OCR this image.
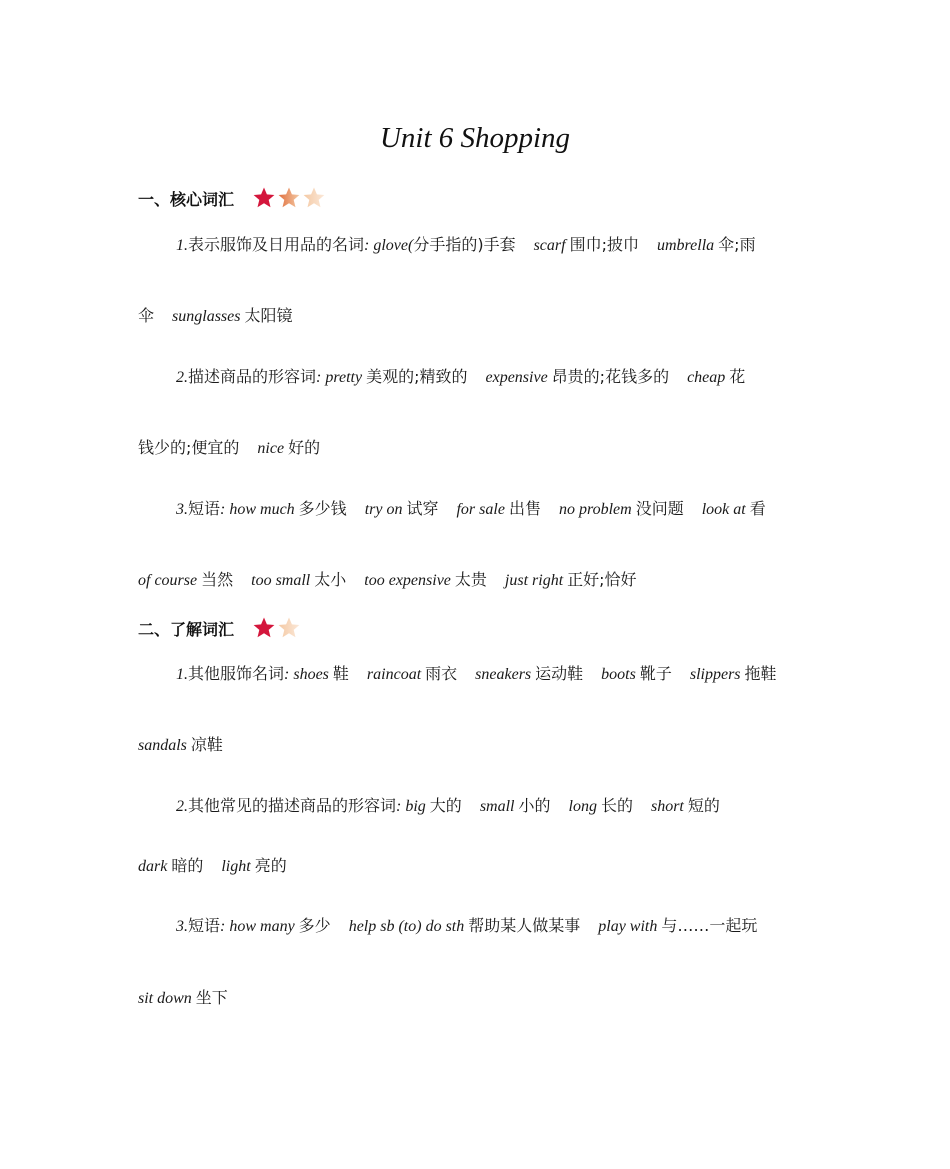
Unit 6 Shopping
一、核心词汇
1.表示服饰及日用品的名词: glove(分手指的)手套 scarf 围巾;披巾 umbrella 伞;雨
伞 sunglasses 太阳镜
2.描述商品的形容词: pretty 美观的;精致的 expensive 昂贵的;花钱多的 cheap 花
钱少的;便宜的 nice 好的
3.短语: how much 多少钱 try on 试穿 for sale 出售 no problem 没问题 look at 看
of course 当然 too small 太小 too expensive 太贵 just right 正好;恰好
二、了解词汇
1.其他服饰名词: shoes 鞋 raincoat 雨衣 sneakers 运动鞋 boots 靴子 slippers 拖鞋
sandals 凉鞋
2.其他常见的描述商品的形容词: big 大的 small 小的 long 长的 short 短的
dark 暗的 light 亮的
3.短语: how many 多少 help sb (to) do sth 帮助某人做某事 play with 与……一起玩
sit down 坐下
